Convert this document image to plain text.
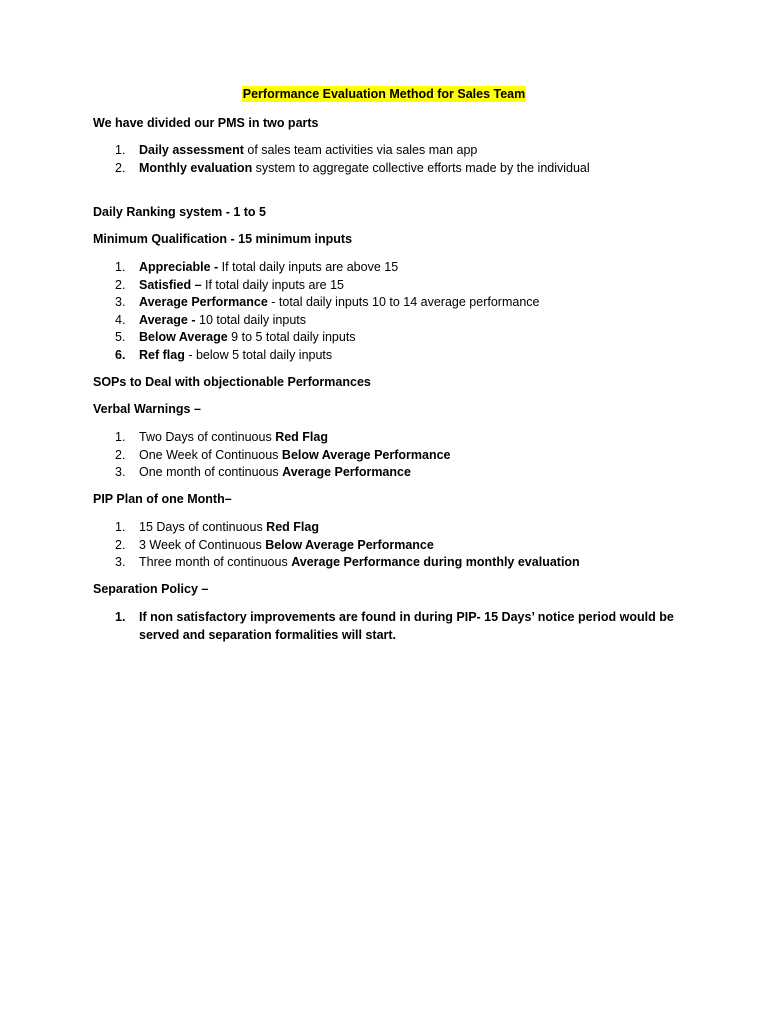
Performance Evaluation Method for Sales Team
We have divided our PMS in two parts
1. Daily assessment of sales team activities via sales man app
2. Monthly evaluation system to aggregate collective efforts made by the individual
Daily Ranking system - 1 to 5
Minimum Qualification - 15 minimum inputs
1. Appreciable - If total daily inputs are above 15
2. Satisfied – If total daily inputs are 15
3. Average Performance - total daily inputs 10 to 14 average performance
4. Average - 10 total daily inputs
5. Below Average 9 to 5 total daily inputs
6. Ref flag - below 5 total daily inputs
SOPs to Deal with objectionable Performances
Verbal Warnings –
1. Two Days of continuous Red Flag
2. One Week of Continuous Below Average Performance
3. One month of continuous Average Performance
PIP Plan of one Month–
1. 15 Days of continuous Red Flag
2. 3 Week of Continuous Below Average Performance
3. Three month of continuous Average Performance during monthly evaluation
Separation Policy –
1. If non satisfactory improvements are found in during PIP- 15 Days’ notice period would be served and separation formalities will start.
